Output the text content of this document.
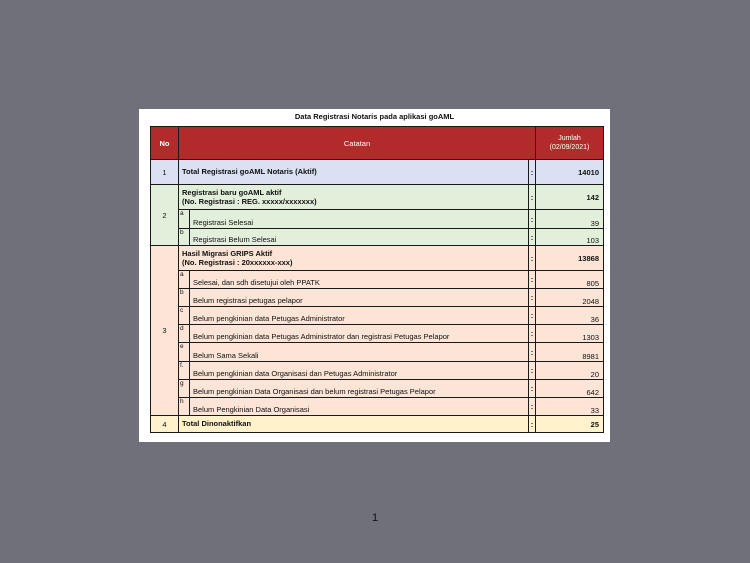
Data Registrasi Notaris pada aplikasi goAML
No	Catatan			Jumlah
(02/09/2021)
1	Total Registrasi goAML Notaris (Aktif)		:	14010
2	Registrasi baru goAML aktif
(No. Registrasi : REG. xxxxx/xxxxxxx)		:	142
	a	Registrasi Selesai	:	39
	b	Registrasi Belum Selesai	:	103
3	Hasil Migrasi GRIPS Aktif
(No. Registrasi : 20xxxxxx-xxx)		:	13868
	a	Selesai, dan sdh disetujui oleh PPATK	:	805
	b	Belum registrasi petugas pelapor	:	2048
	c	Belum pengkinian data Petugas Administrator	:	36
	d	Belum pengkinian data Petugas Administrator dan registrasi Petugas Pelapor	:	1303
	e	Belum Sama Sekali	:	8981
	f.	Belum pengkinian data Organisasi dan Petugas Administrator	:	20
	g	Belum pengkinian Data Organisasi dan belum registrasi Petugas Pelapor	:	642
	h	Belum Pengkinian Data Organisasi	:	33
4	Total Dinonaktifkan		:	25
1
